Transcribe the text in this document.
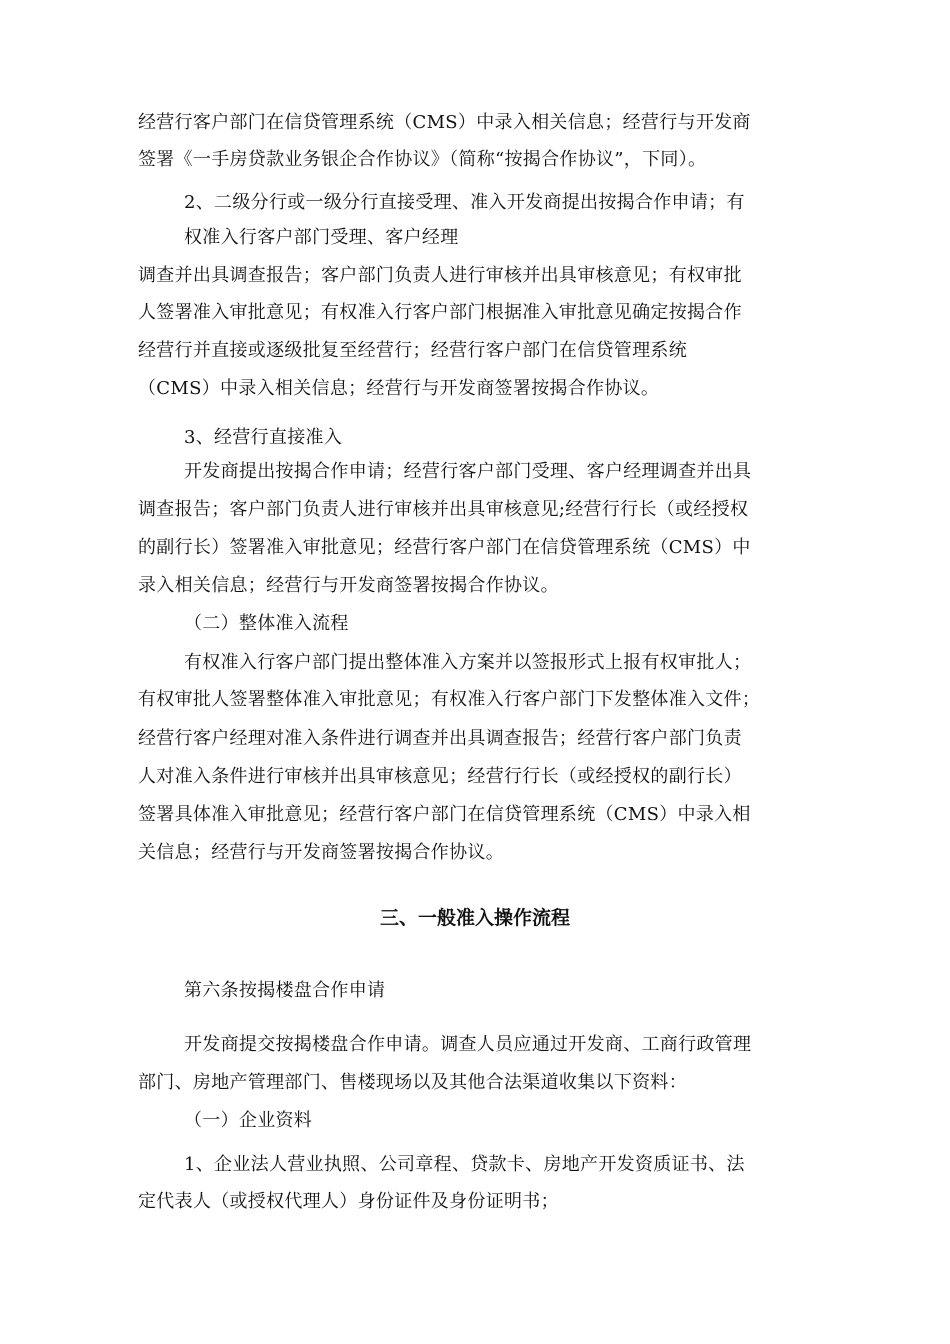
经营行客户部门在信贷管理系统（CMS）中录入相关信息；经营行与开发商
签署《一手房贷款业务银企合作协议》（简称“按揭合作协议”，下同）。
2、二级分行或一级分行直接受理、准入开发商提出按揭合作申请；有
权准入行客户部门受理、客户经理
调查并出具调查报告；客户部门负责人进行审核并出具审核意见；有权审批
人签署准入审批意见；有权准入行客户部门根据准入审批意见确定按揭合作
经营行并直接或逐级批复至经营行；经营行客户部门在信贷管理系统
（CMS）中录入相关信息；经营行与开发商签署按揭合作协议。
3、经营行直接准入
开发商提出按揭合作申请；经营行客户部门受理、客户经理调查并出具
调查报告；客户部门负责人进行审核并出具审核意见;经营行行长（或经授权
的副行长）签署准入审批意见；经营行客户部门在信贷管理系统（CMS）中
录入相关信息；经营行与开发商签署按揭合作协议。
（二）整体准入流程
有权准入行客户部门提出整体准入方案并以签报形式上报有权审批人；
有权审批人签署整体准入审批意见；有权准入行客户部门下发整体准入文件；
经营行客户经理对准入条件进行调查并出具调查报告；经营行客户部门负责
人对准入条件进行审核并出具审核意见；经营行行长（或经授权的副行长）
签署具体准入审批意见；经营行客户部门在信贷管理系统（CMS）中录入相
关信息；经营行与开发商签署按揭合作协议。
三、一般准入操作流程
第六条按揭楼盘合作申请
开发商提交按揭楼盘合作申请。调查人员应通过开发商、工商行政管理
部门、房地产管理部门、售楼现场以及其他合法渠道收集以下资料：
（一）企业资料
1、企业法人营业执照、公司章程、贷款卡、房地产开发资质证书、法
定代表人（或授权代理人）身份证件及身份证明书；
